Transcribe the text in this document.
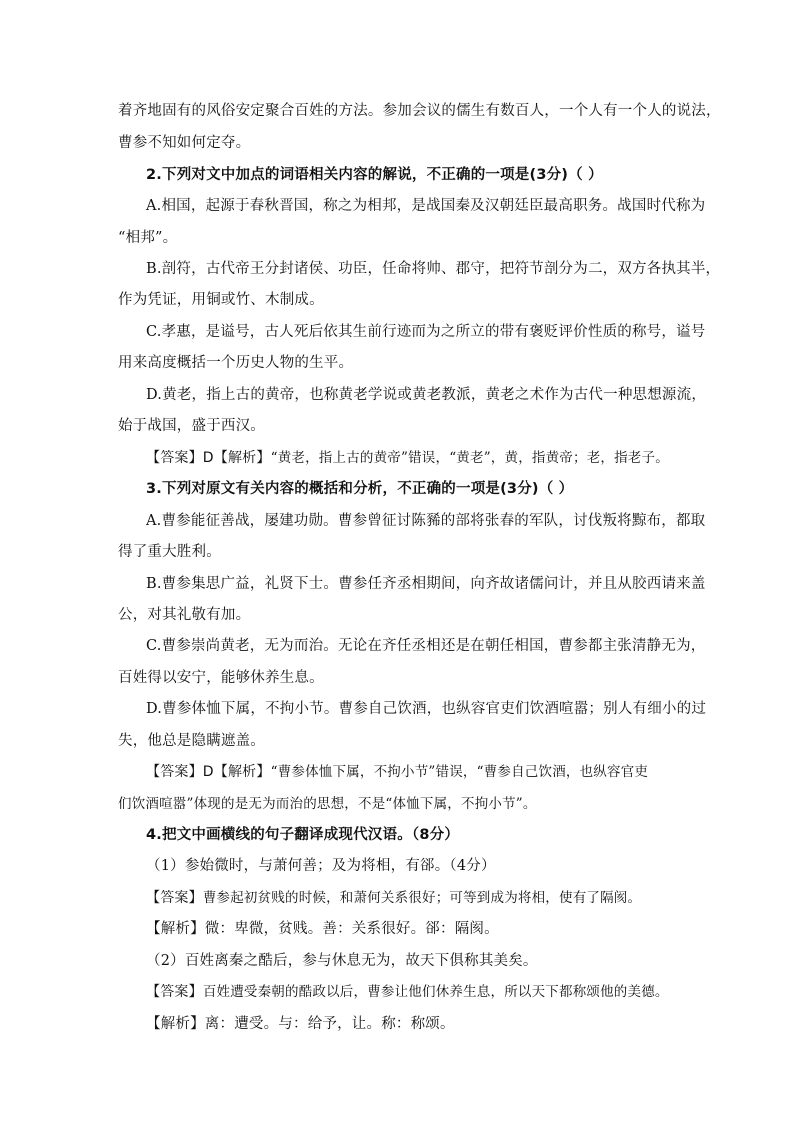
着齐地固有的风俗安定聚合百姓的方法。参加会议的儒生有数百人，一个人有一个人的说法，
曹参不知如何定夺。
2.下列对文中加点的词语相关内容的解说，不正确的一项是(3分)（ ）
A.相国，起源于春秋晋国，称之为相邦，是战国秦及汉朝廷臣最高职务。战国时代称为
“相邦”。
B.剖符，古代帝王分封诸侯、功臣，任命将帅、郡守，把符节剖分为二，双方各执其半，
作为凭证，用铜或竹、木制成。
C.孝惠，是谥号，古人死后依其生前行迹而为之所立的带有褒贬评价性质的称号，谥号
用来高度概括一个历史人物的生平。
D.黄老，指上古的黄帝，也称黄老学说或黄老教派，黄老之术作为古代一种思想源流，
始于战国，盛于西汉。
【答案】D【解析】“黄老，指上古的黄帝”错误，“黄老”，黄，指黄帝；老，指老子。
3.下列对原文有关内容的概括和分析，不正确的一项是(3分)（ ）
A.曹参能征善战，屡建功勋。曹参曾征讨陈豨的部将张春的军队，讨伐叛将黥布，都取
得了重大胜利。
B.曹参集思广益，礼贤下士。曹参任齐丞相期间，向齐故诸儒问计，并且从胶西请来盖
公，对其礼敬有加。
C.曹参崇尚黄老，无为而治。无论在齐任丞相还是在朝任相国，曹参都主张清静无为，
百姓得以安宁，能够休养生息。
D.曹参体恤下属，不拘小节。曹参自己饮酒，也纵容官吏们饮酒喧嚣；别人有细小的过
失，他总是隐瞒遮盖。
【答案】D【解析】“曹参体恤下属，不拘小节”错误，“曹参自己饮酒，也纵容官吏
们饮酒喧嚣”体现的是无为而治的思想，不是“体恤下属，不拘小节”。
4.把文中画横线的句子翻译成现代汉语。（8分）
（1）参始微时，与萧何善；及为将相，有郤。（4分）
【答案】曹参起初贫贱的时候，和萧何关系很好；可等到成为将相，使有了隔阂。
【解析】微：卑微，贫贱。善：关系很好。郤：隔阂。
（2）百姓离秦之酷后，参与休息无为，故天下俱称其美矣。
【答案】百姓遭受秦朝的酷政以后，曹参让他们休养生息，所以天下都称颂他的美德。
【解析】离：遭受。与：给予，让。称：称颂。
